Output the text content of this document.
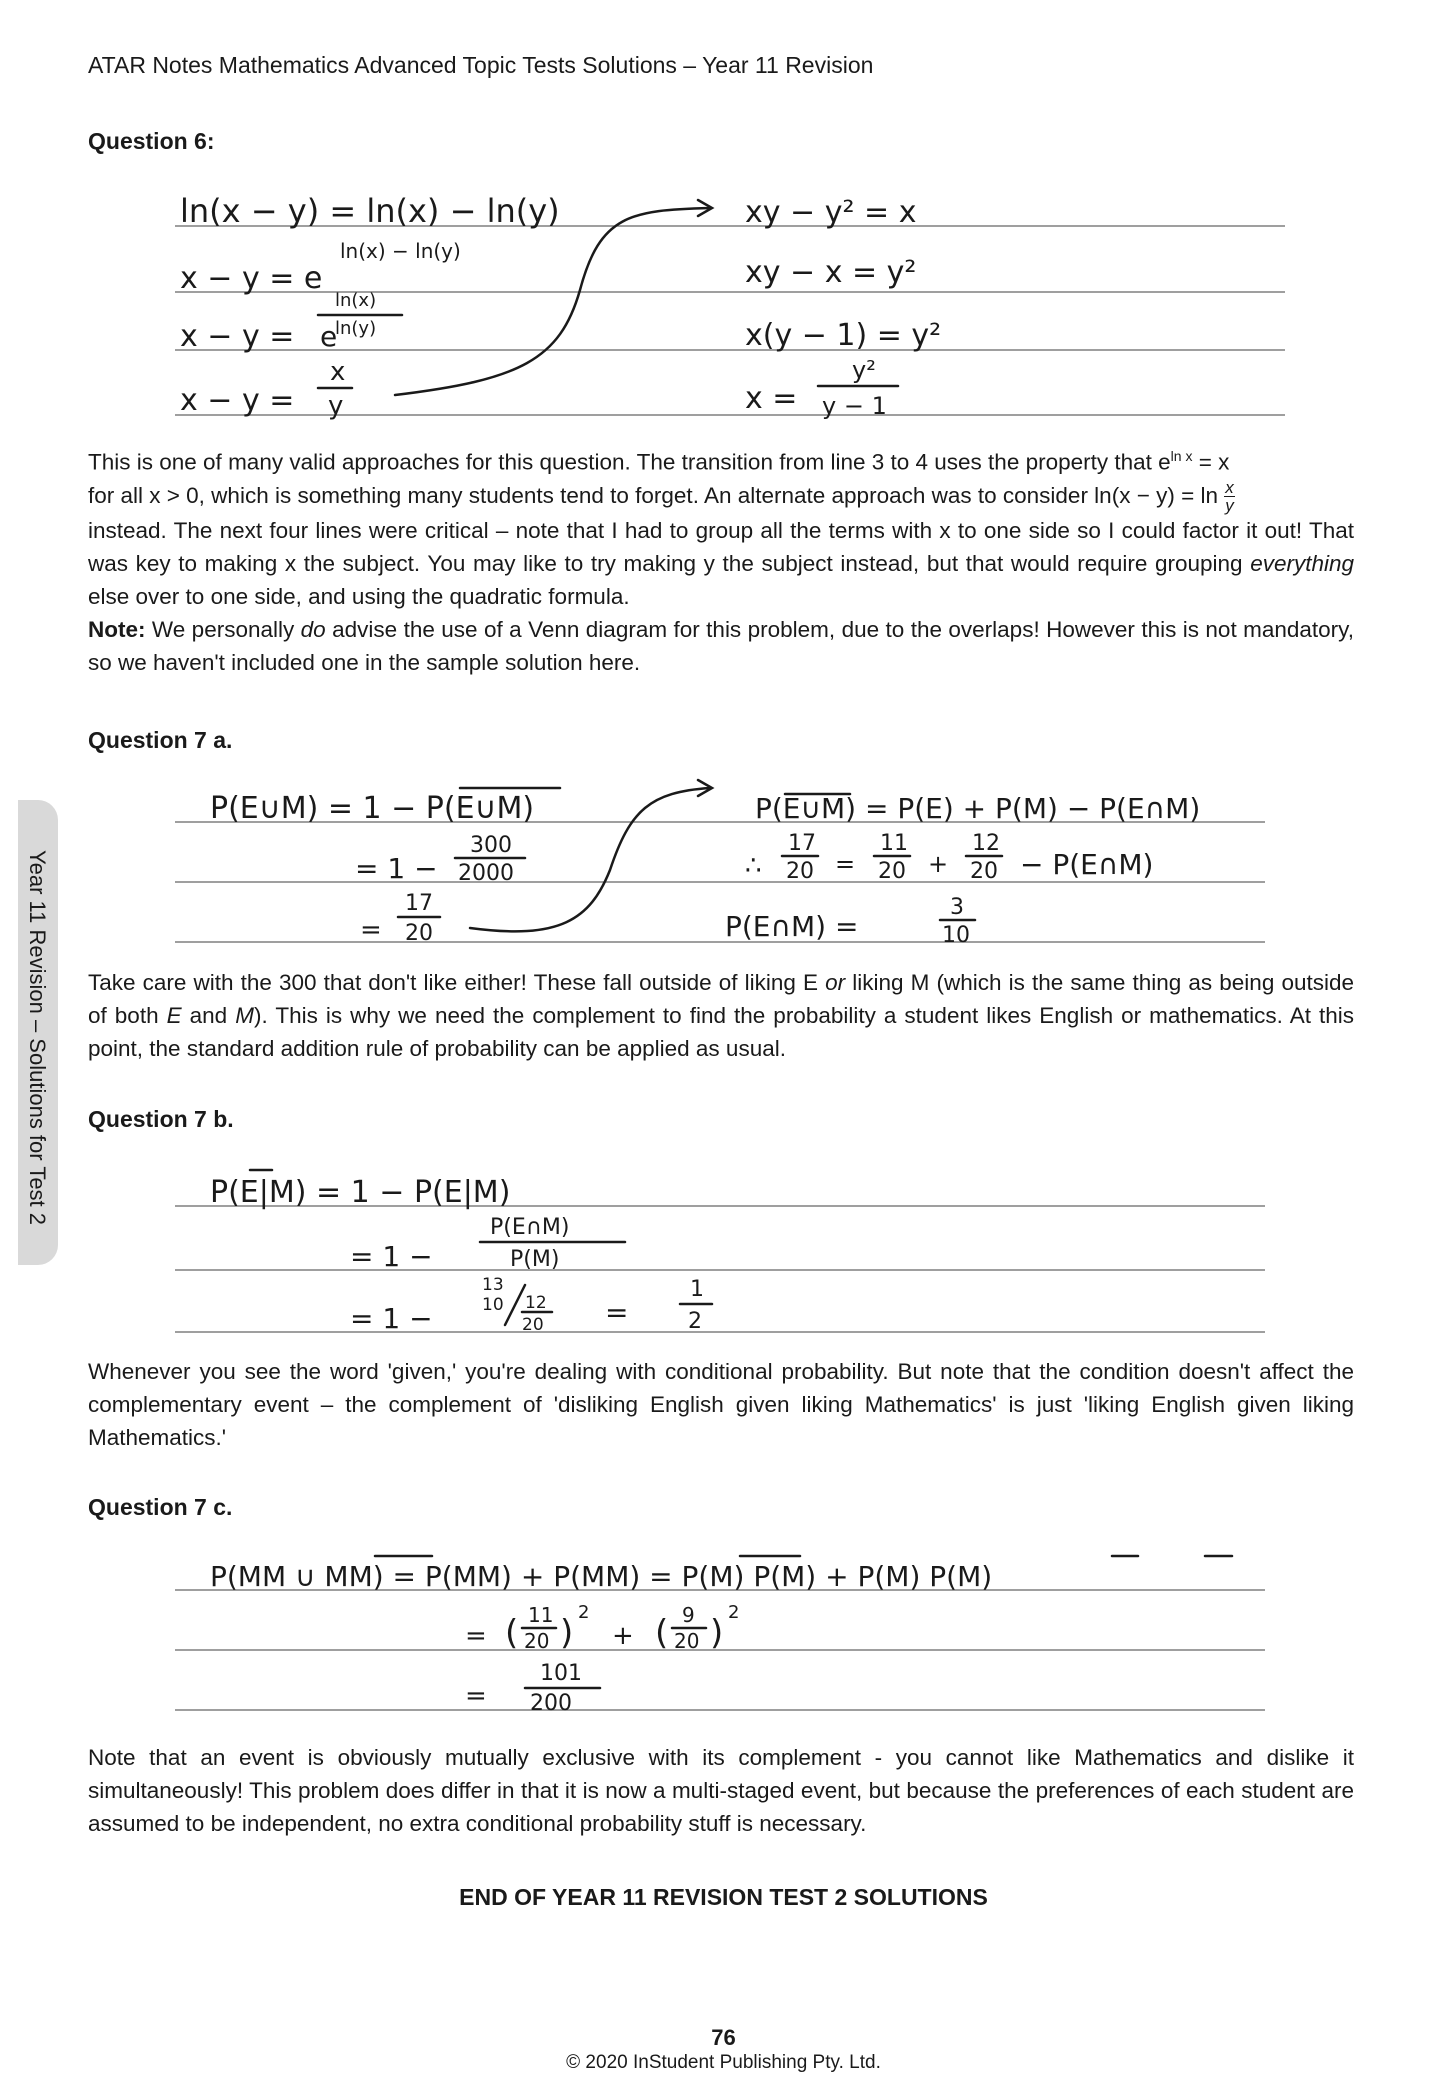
ATAR Notes Mathematics Advanced Topic Tests Solutions – Year 11 Revision
Year 11 Revision – Solutions for Test 2
Question 6:
ln(x − y) = ln(x) − ln(y)
x − y = e
ln(x) − ln(y)
x − y = e
ln(x)
ln(y)
x − y =
x
y
xy − y² = x
xy − x = y²
x(y − 1) = y²
x =
y²
y − 1
This is one of many valid approaches for this question. The transition from line 3 to 4 uses the property that $e^{ln x} = x$
for all x > 0, which is something many students tend to forget. An alternate approach was to consider $\ln(x - y) = \ln \frac{x}{y}$

instead. The next four lines were critical – note that I had to group all the terms with x to one side so I could factor it out! That was key to making x the subject. You may like to try making y the subject instead, but that would require grouping everything else over to one side, and using the quadratic formula.
Note: We personally do advise the use of a Venn diagram for this problem, due to the overlaps! However this is not mandatory, so we haven't included one in the sample solution here.
Question 7 a.
P(E∪M) = 1 − P(E∪M)
= 1 −
300
2000
=
17
20
P(E∪M) = P(E) + P(M) − P(E∩M)
∴
17
20 =
11
20 +
12
20 − P(E∩M)
P(E∩M) =
3
10
Take care with the 300 that don't like either! These fall outside of liking E or liking M (which is the same thing as being outside of both E and M). This is why we need the complement to find the probability a student likes English or mathematics. At this point, the standard addition rule of probability can be applied as usual.
Question 7 b.
P(E|M) = 1 − P(E|M)
= 1 −
P(E∩M)
P(M)
= 1 −
13
10 12
20 =
1
2
Whenever you see the word 'given,' you're dealing with conditional probability. But note that the condition doesn't affect the complementary event – the complement of 'disliking English given liking Mathematics' is just 'liking English given liking Mathematics.'
Question 7 c.
P(MM ∪ MM) = P(MM) + P(MM) = P(M) P(M) + P(M) P(M)
= ( 11
20 )
2
+ ( 9
20 )
2
=
101
200
Note that an event is obviously mutually exclusive with its complement - you cannot like Mathematics and dislike it simultaneously! This problem does differ in that it is now a multi-staged event, but because the preferences of each student are assumed to be independent, no extra conditional probability stuff is necessary.
END OF YEAR 11 REVISION TEST 2 SOLUTIONS
76
© 2020 InStudent Publishing Pty. Ltd.
